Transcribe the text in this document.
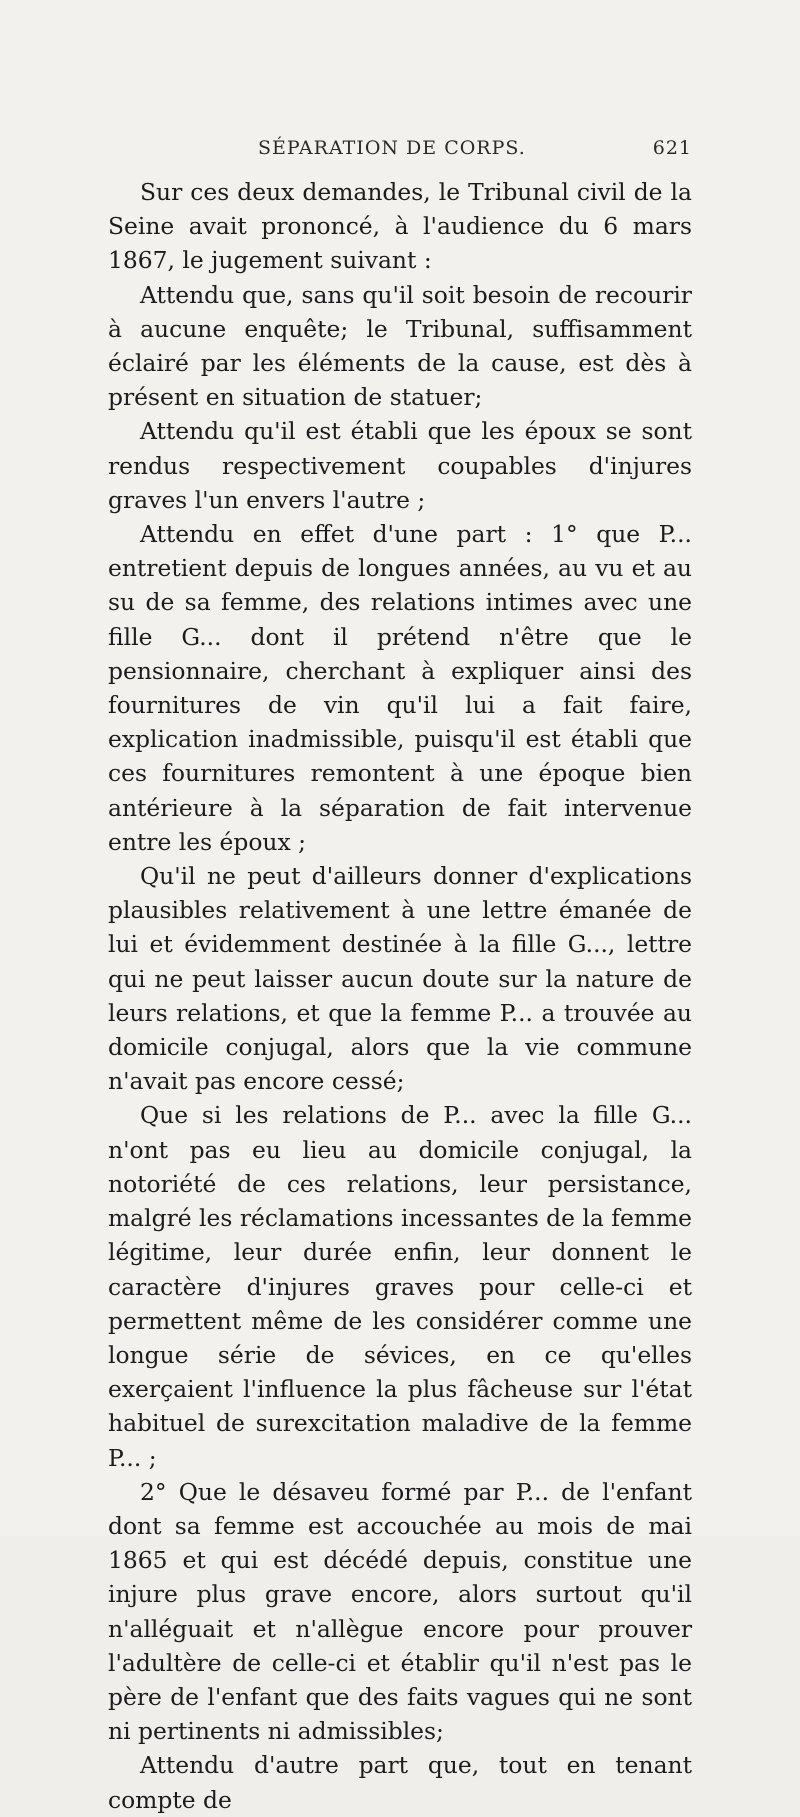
SÉPARATION DE CORPS.	621

Sur ces deux demandes, le Tribunal civil de la Seine avait prononcé, à l'audience du 6 mars 1867, le jugement suivant :

Attendu que, sans qu'il soit besoin de recourir à aucune enquête; le Tribunal, suffisamment éclairé par les éléments de la cause, est dès à présent en situation de statuer;

Attendu qu'il est établi que les époux se sont rendus respectivement coupables d'injures graves l'un envers l'autre ;

Attendu en effet d'une part : 1° que P... entretient depuis de longues années, au vu et au su de sa femme, des relations intimes avec une fille G... dont il prétend n'être que le pensionnaire, cherchant à expliquer ainsi des fournitures de vin qu'il lui a fait faire, explication inadmissible, puisqu'il est établi que ces fournitures remontent à une époque bien antérieure à la séparation de fait intervenue entre les époux ;

Qu'il ne peut d'ailleurs donner d'explications plausibles relativement à une lettre émanée de lui et évidemment destinée à la fille G..., lettre qui ne peut laisser aucun doute sur la nature de leurs relations, et que la femme P... a trouvée au domicile conjugal, alors que la vie commune n'avait pas encore cessé;

Que si les relations de P... avec la fille G... n'ont pas eu lieu au domicile conjugal, la notoriété de ces relations, leur persistance, malgré les réclamations incessantes de la femme légitime, leur durée enfin, leur donnent le caractère d'injures graves pour celle-ci et permettent même de les considérer comme une longue série de sévices, en ce qu'elles exerçaient l'influence la plus fâcheuse sur l'état habituel de surexcitation maladive de la femme P... ;

2° Que le désaveu formé par P... de l'enfant dont sa femme est accouchée au mois de mai 1865 et qui est décédé depuis, constitue une injure plus grave encore, alors surtout qu'il n'alléguait et n'allègue encore pour prouver l'adultère de celle-ci et établir qu'il n'est pas le père de l'enfant que des faits vagues qui ne sont ni pertinents ni admissibles;

Attendu d'autre part que, tout en tenant compte de
